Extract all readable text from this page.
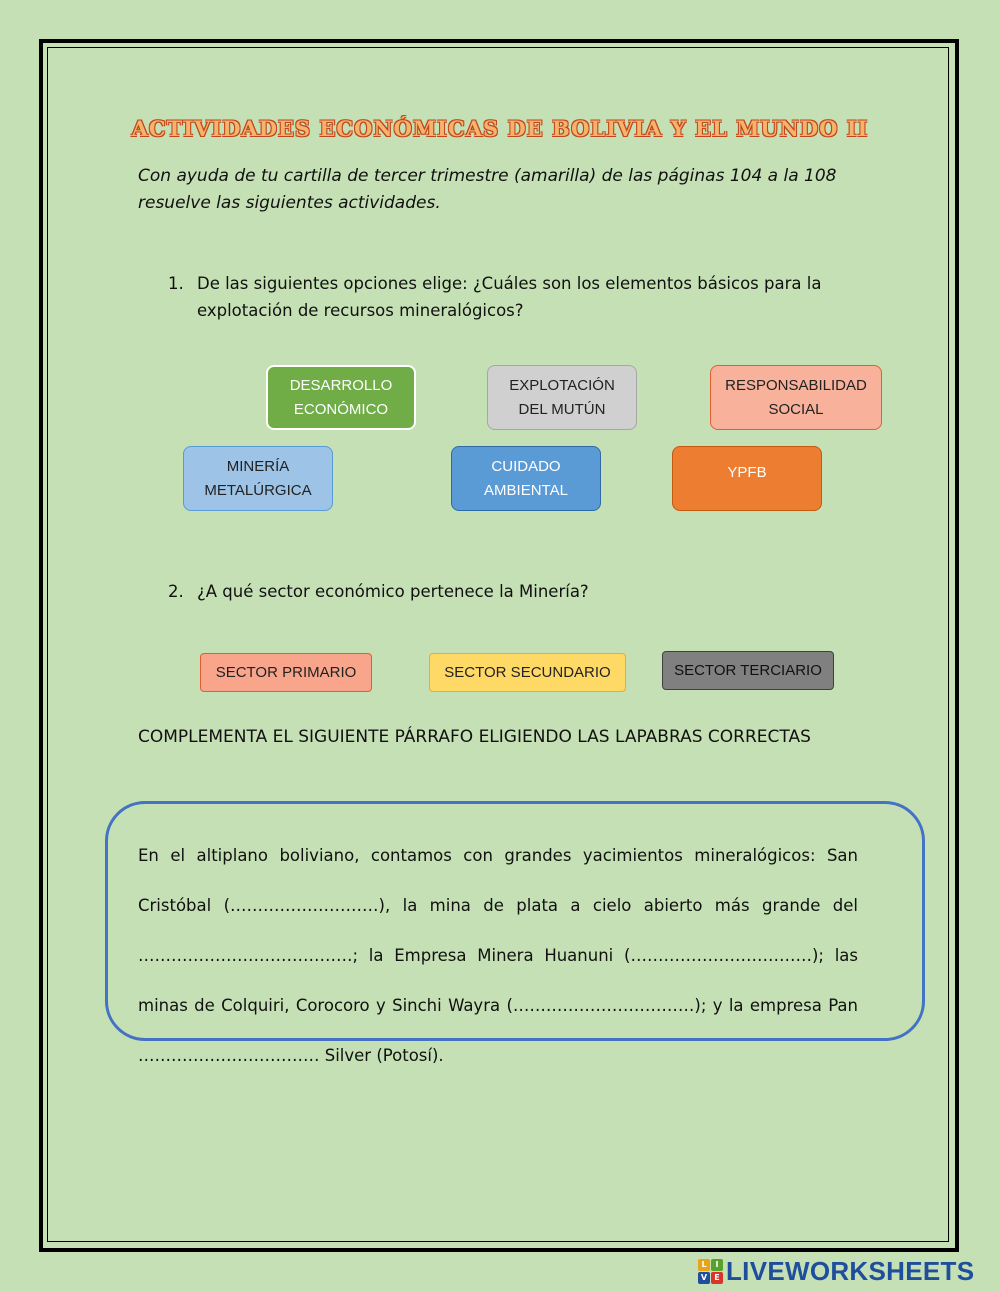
ACTIVIDADES ECONÓMICAS DE BOLIVIA Y EL MUNDO II
Con ayuda de tu cartilla de tercer trimestre (amarilla) de las páginas 104 a la 108 resuelve las siguientes actividades.
1. De las siguientes opciones elige: ¿Cuáles son los elementos básicos para la explotación de recursos mineralógicos?
DESARROLLO ECONÓMICO
EXPLOTACIÓN DEL MUTÚN
RESPONSABILIDAD SOCIAL
MINERÍA METALÚRGICA
CUIDADO AMBIENTAL
YPFB
2. ¿A qué sector económico pertenece la Minería?
SECTOR PRIMARIO	SECTOR SECUNDARIO	SECTOR TERCIARIO
COMPLEMENTA EL SIGUIENTE PÁRRAFO ELIGIENDO LAS LAPABRAS CORRECTAS
En el altiplano boliviano, contamos con grandes yacimientos mineralógicos: San Cristóbal (………………………), la mina de plata a cielo abierto más grande del …………………………………; la Empresa Minera Huanuni (……………………………); las minas de Colquiri, Corocoro y Sinchi Wayra (……………………………); y la empresa Pan …………………………… Silver (Potosí).
L	I
V E LIVEWORKSHEETS
